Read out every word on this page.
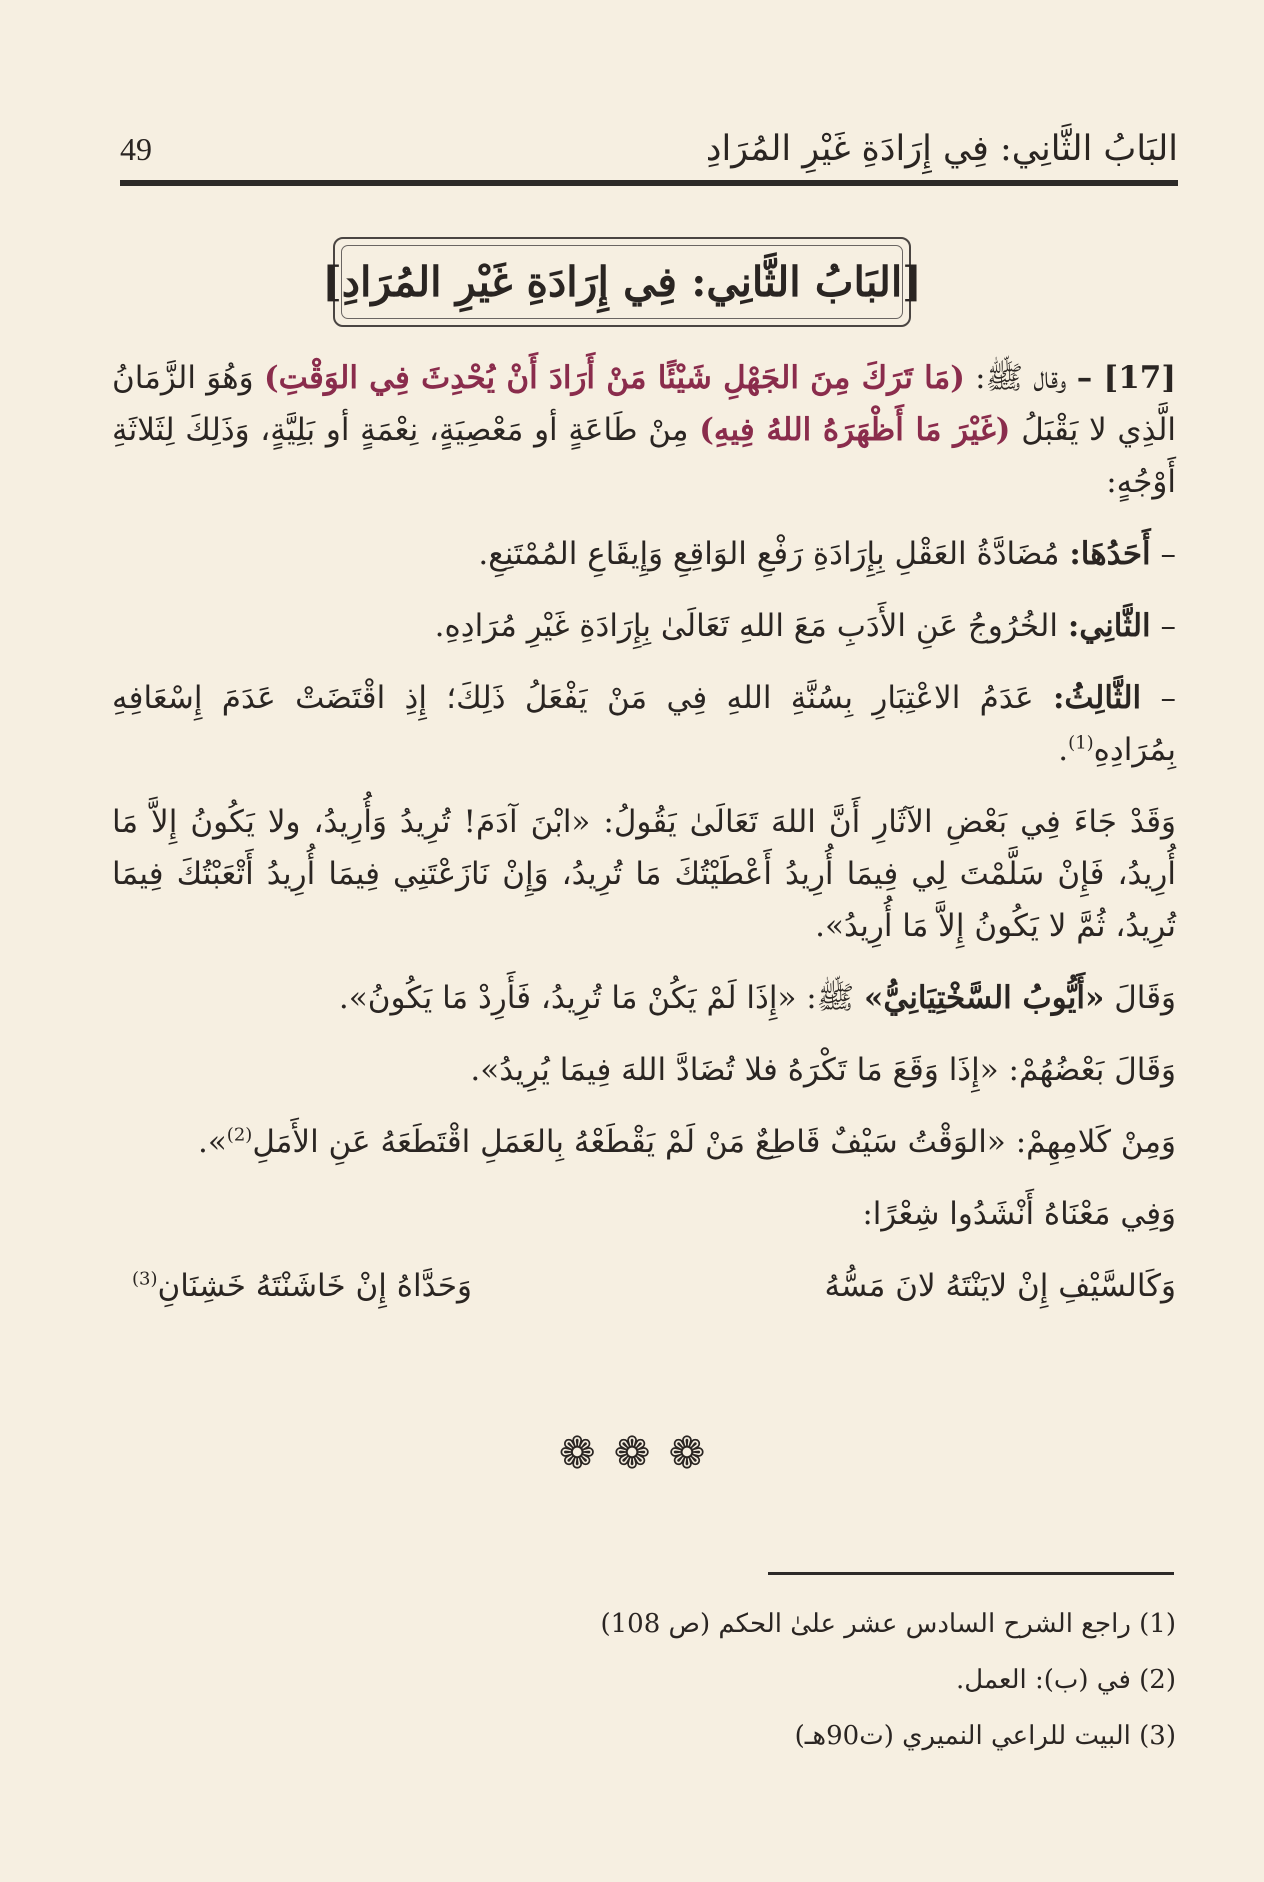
البَابُ الثَّانِي: فِي إِرَادَةِ غَيْرِ المُرَادِ
49
[البَابُ الثَّانِي: فِي إِرَادَةِ غَيْرِ المُرَادِ]

[17] – وقال ﷺ: (مَا تَرَكَ مِنَ الجَهْلِ شَيْئًا مَنْ أَرَادَ أَنْ يُحْدِثَ فِي الوَقْتِ) وَهُوَ الزَّمَانُ الَّذِي لا يَقْبَلُ (غَيْرَ مَا أَظْهَرَهُ اللهُ فِيهِ) مِنْ طَاعَةٍ أو مَعْصِيَةٍ، نِعْمَةٍ أو بَلِيَّةٍ، وَذَلِكَ لِثَلاثَةِ أَوْجُهٍ:

– أَحَدُهَا: مُضَادَّةُ العَقْلِ بِإِرَادَةِ رَفْعِ الوَاقِعِ وَإِيقَاعِ المُمْتَنِعِ.

– الثَّانِي: الخُرُوجُ عَنِ الأَدَبِ مَعَ اللهِ تَعَالَىٰ بِإِرَادَةِ غَيْرِ مُرَادِهِ.

– الثَّالِثُ: عَدَمُ الاعْتِبَارِ بِسُنَّةِ اللهِ فِي مَنْ يَفْعَلُ ذَلِكَ؛ إِذِ اقْتَضَتْ عَدَمَ إِسْعَافِهِ بِمُرَادِهِ$^{(1)}$.

وَقَدْ جَاءَ فِي بَعْضِ الآثَارِ أَنَّ اللهَ تَعَالَىٰ يَقُولُ: «ابْنَ آدَمَ! تُرِيدُ وَأُرِيدُ، ولا يَكُونُ إِلاَّ مَا أُرِيدُ، فَإِنْ سَلَّمْتَ لِي فِيمَا أُرِيدُ أَعْطَيْتُكَ مَا تُرِيدُ، وَإِنْ نَازَعْتَنِي فِيمَا أُرِيدُ أَتْعَبْتُكَ فِيمَا تُرِيدُ، ثُمَّ لا يَكُونُ إِلاَّ مَا أُرِيدُ».

وَقَالَ «أَيُّوبُ السَّخْتِيَانِيُّ» ﷺ: «إِذَا لَمْ يَكُنْ مَا تُرِيدُ، فَأَرِدْ مَا يَكُونُ».

وَقَالَ بَعْضُهُمْ: «إِذَا وَقَعَ مَا تَكْرَهُ فلا تُضَادَّ اللهَ فِيمَا يُرِيدُ».

وَمِنْ كَلامِهِمْ: «الوَقْتُ سَيْفٌ قَاطِعٌ مَنْ لَمْ يَقْطَعْهُ بِالعَمَلِ اقْتَطَعَهُ عَنِ الأَمَلِ$^{(2)}$».

وَفِي مَعْنَاهُ أَنْشَدُوا شِعْرًا:

وَكَالسَّيْفِ إِنْ لايَنْتَهُ لانَ مَسُّهُ
وَحَدَّاهُ إِنْ خَاشَنْتَهُ خَشِنَانِ$^{(3)}$
❁ ❁ ❁
(1) راجع الشرح السادس عشر علىٰ الحكم (ص 108)
(2) في (ب): العمل.
(3) البيت للراعي النميري (ت90هـ)
